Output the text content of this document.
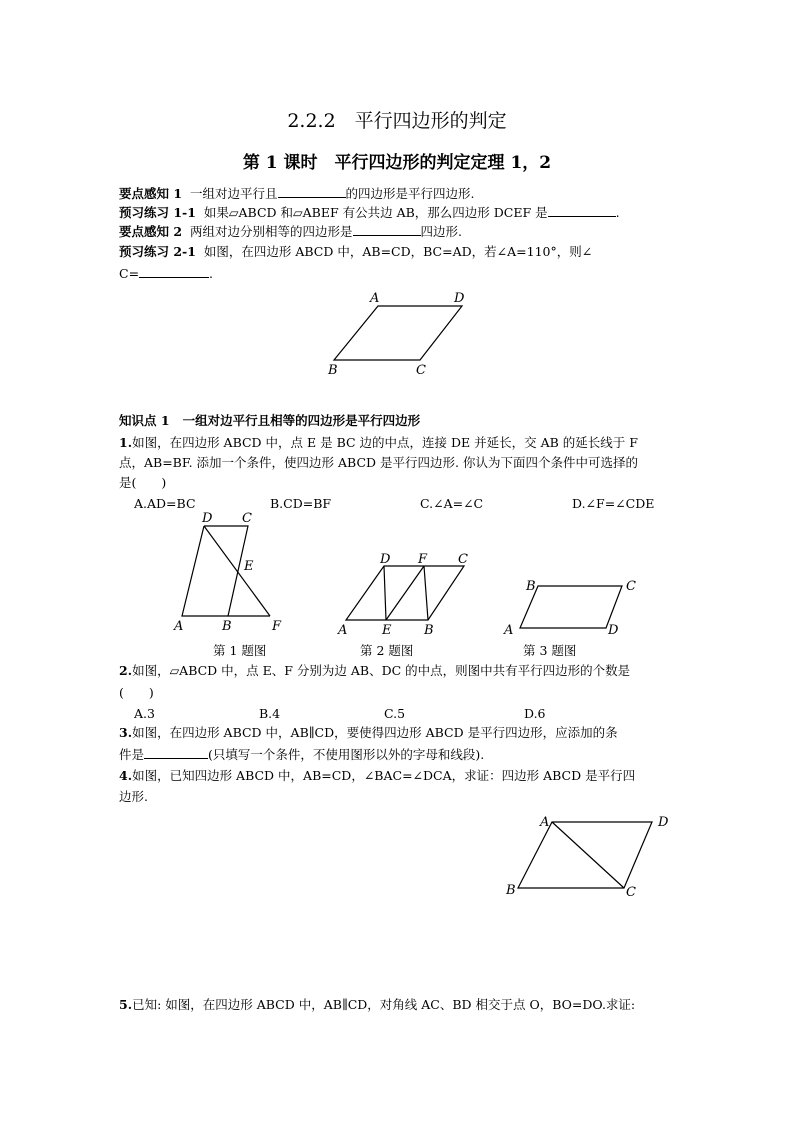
2.2.2　平行四边形的判定
第 1 课时　平行四边形的判定定理 1，2
要点感知 1 一组对边平行且	的四边形是平行四边形.
预习练习 1-1 如果▱ABCD 和▱ABEF 有公共边 AB，那么四边形 DCEF 是	.
要点感知 2 两组对边分别相等的四边形是	四边形.
预习练习 2-1 如图，在四边形 ABCD 中，AB=CD，BC=AD，若∠A=110°，则∠
C=	.
A	D
B	C
知识点 1 一组对边平行且相等的四边形是平行四边形
1.如图，在四边形 ABCD 中，点 E 是 BC 边的中点，连接 DE 并延长，交 AB 的延长线于 F
点，AB=BF. 添加一个条件，使四边形 ABCD 是平行四边形. 你认为下面四个条件中可选择的
是(　　)
A.AD=BC	B.CD=BF	C.∠A=∠C	D.∠F=∠CDE
D C
E
A	B	F
第 1 题图
D F C
A	E	B
第 2 题图
B	C
A	D
第 3 题图
2.如图，▱ABCD 中，点 E、F 分别为边 AB、DC 的中点，则图中共有平行四边形的个数是
(　　)
A.3	B.4	C.5	D.6
3.如图，在四边形 ABCD 中，AB∥CD，要使得四边形 ABCD 是平行四边形，应添加的条
件是	(只填写一个条件，不使用图形以外的字母和线段).
4.如图，已知四边形 ABCD 中，AB=CD，∠BAC=∠DCA，求证：四边形 ABCD 是平行四
边形.
A	D
B	C
5.已知: 如图，在四边形 ABCD 中，AB∥CD，对角线 AC、BD 相交于点 O，BO=DO.求证:
